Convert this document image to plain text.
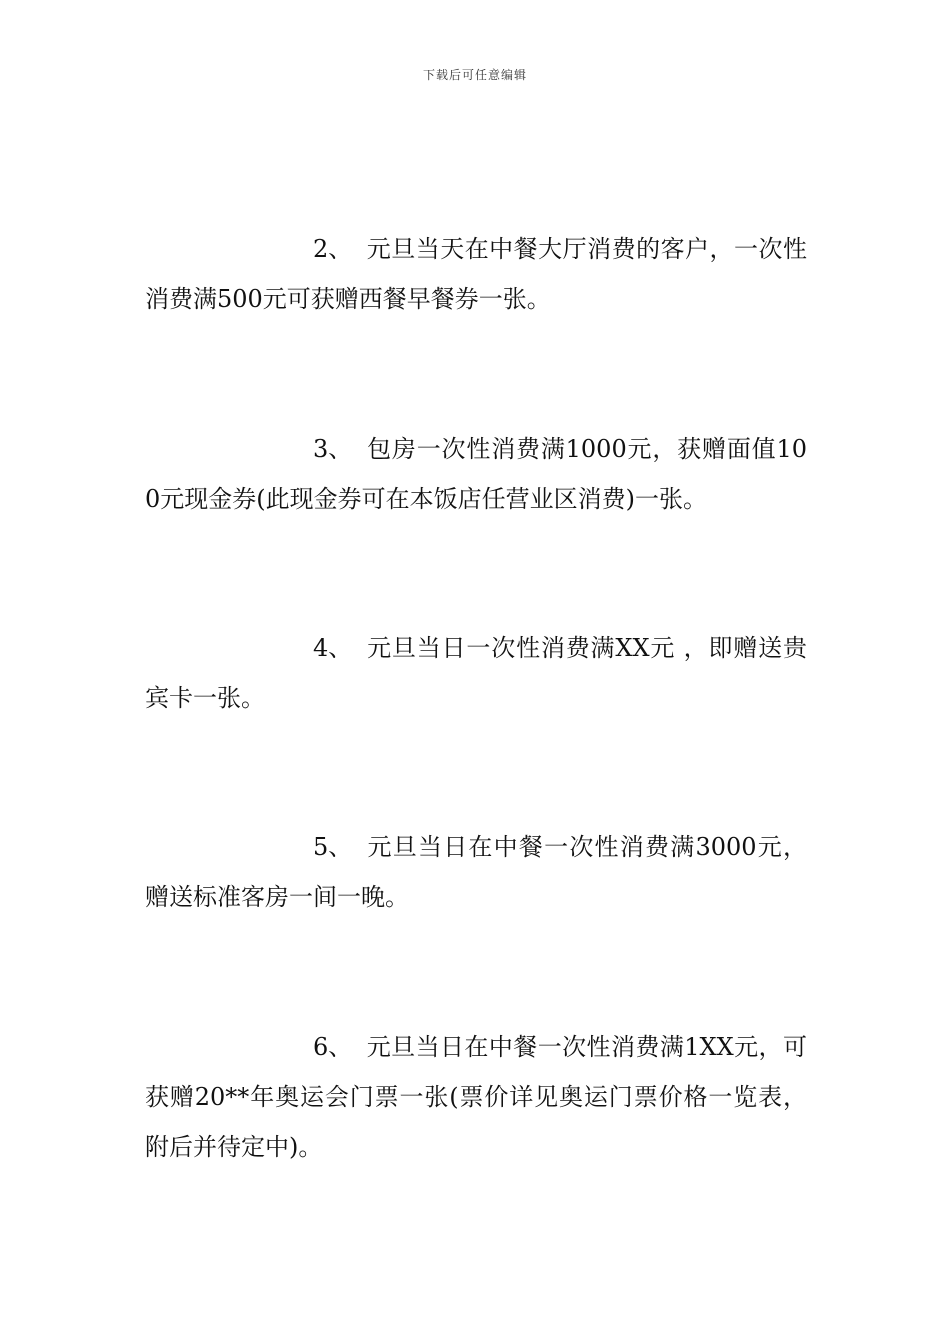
下载后可任意编辑

2、 元旦当天在中餐大厅消费的客户，一次性消费满500元可获赠西餐早餐券一张。

3、 包房一次性消费满1000元，获赠面值100元现金券(此现金券可在本饭店任营业区消费)一张。

4、 元旦当日一次性消费满XX元 ，即赠送贵宾卡一张。

5、 元旦当日在中餐一次性消费满3000元，赠送标准客房一间一晚。

6、 元旦当日在中餐一次性消费满1XX元，可获赠20**年奥运会门票一张(票价详见奥运门票价格一览表，附后并待定中)。
